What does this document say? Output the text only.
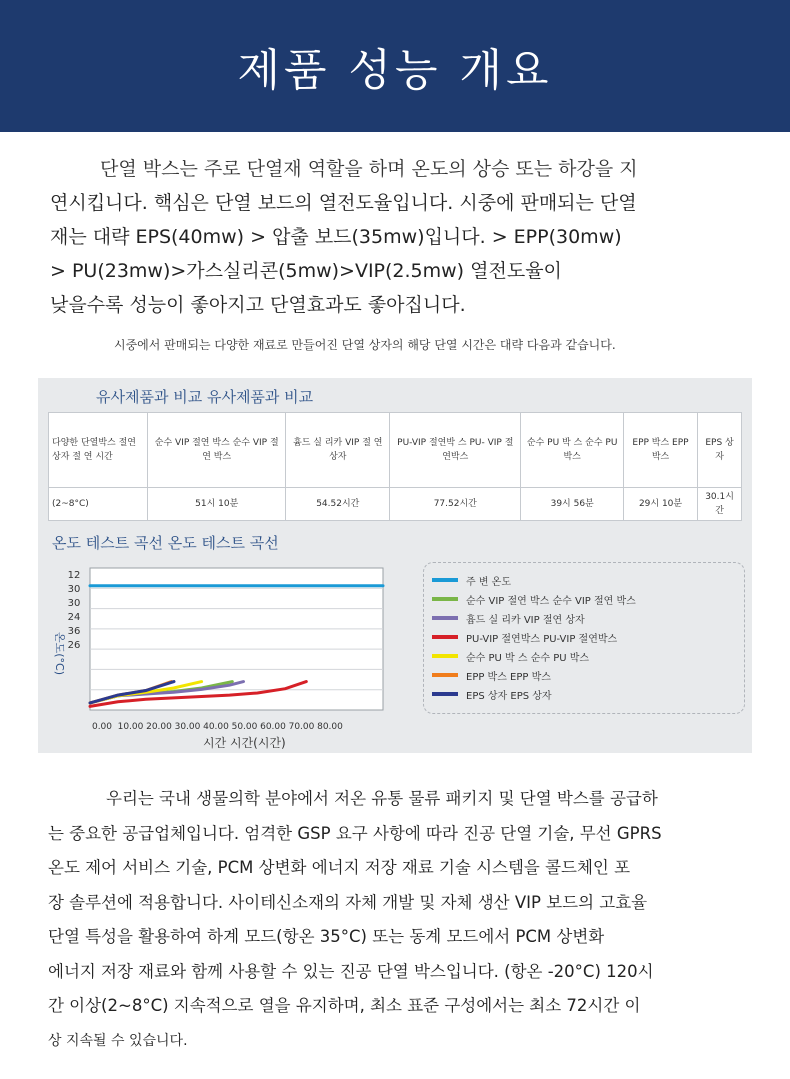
제품 성능 개요

단열 박스는 주로 단열재 역할을 하며 온도의 상승 또는 하강을 지

연시킵니다. 핵심은 단열 보드의 열전도율입니다. 시중에 판매되는 단열

재는 대략 EPS(40mw) > 압출 보드(35mw)입니다. > EPP(30mw)

> PU(23mw)>가스실리콘(5mw)>VIP(2.5mw) 열전도율이

낮을수록 성능이 좋아지고 단열효과도 좋아집니다.

시중에서 판매되는 다양한 재료로 만들어진 단열 상자의 해당 단열 시간은 대략 다음과 같습니다.

유사제품과 비교 유사제품과 비교
다양한 단열박스 절연 상자 절 연 시간	순수 VIP 절연 박스 순수 VIP 절연 박스	흄드 실 리카 VIP 절 연 상자	PU-VIP 절연박 스 PU- VIP 절연박스	순수 PU 박 스 순수 PU 박스	EPP 박스 EPP 박스	EPS 상 자
(2~8°C)	51시 10분	54.52시간	77.52시간	39시 56분	29시 10분	30.1시간
온도 테스트 곡선 온도 테스트 곡선
0.00 10.00 20.00 30.00 40.00 50.00 60.00 70.00 80.00
12
30
30
24
36
26
온도(°C)
시간 시간(시간)
주 변 온도
순수 VIP 절연 박스 순수 VIP 절연 박스
흄드 실 리카 VIP 절연 상자
PU-VIP 절연박스 PU-VIP 절연박스
순수 PU 박 스 순수 PU 박스
EPP 박스 EPP 박스
EPS 상자 EPS 상자

우리는 국내 생물의학 분야에서 저온 유통 물류 패키지 및 단열 박스를 공급하

는 중요한 공급업체입니다. 엄격한 GSP 요구 사항에 따라 진공 단열 기술, 무선 GPRS

온도 제어 서비스 기술, PCM 상변화 에너지 저장 재료 기술 시스템을 콜드체인 포

장 솔루션에 적용합니다. 사이테신소재의 자체 개발 및 자체 생산 VIP 보드의 고효율

단열 특성을 활용하여 하계 모드(항온 35°C) 또는 동계 모드에서 PCM 상변화

에너지 저장 재료와 함께 사용할 수 있는 진공 단열 박스입니다. (항온 -20°C) 120시

간 이상(2~8°C) 지속적으로 열을 유지하며, 최소 표준 구성에서는 최소 72시간 이

상 지속될 수 있습니다.
